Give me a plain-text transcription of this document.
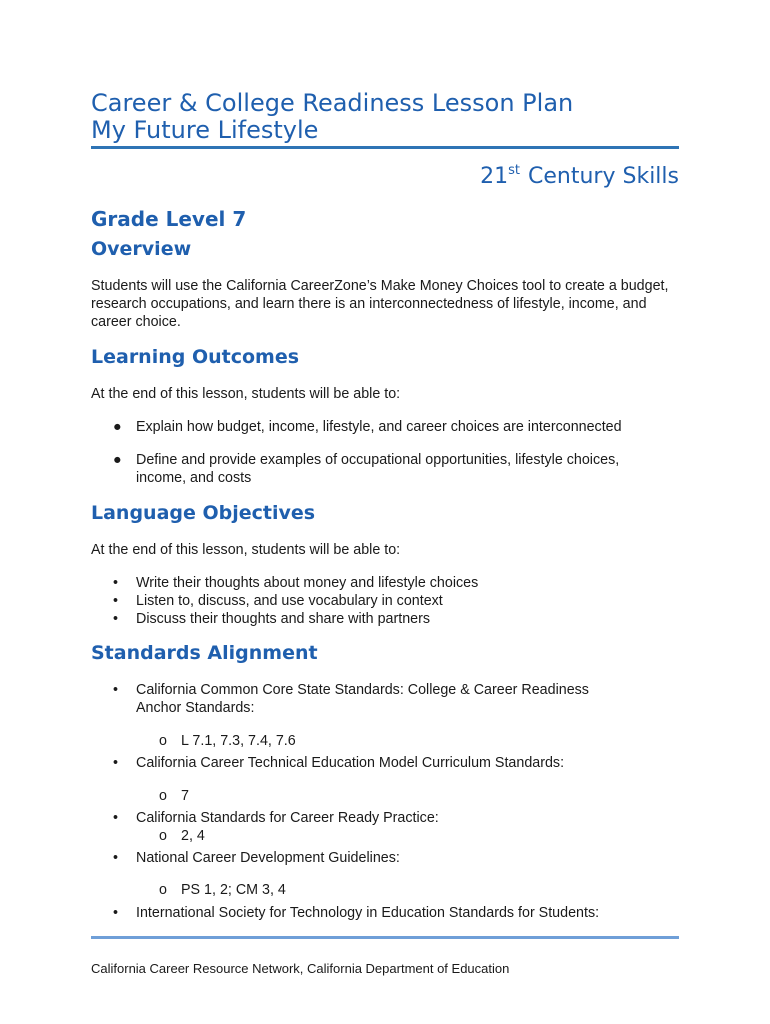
Career & College Readiness Lesson Plan
My Future Lifestyle
21st Century Skills
Grade Level 7
Overview

Students will use the California CareerZone’s Make Money Choices tool to create a budget, research occupations, and learn there is an interconnectedness of lifestyle, income, and career choice.

Learning Outcomes

At the end of this lesson, students will be able to:

●	Explain how budget, income, lifestyle, and career choices are interconnected
●	Define and provide examples of occupational opportunities, lifestyle choices, income, and costs
Language Objectives

At the end of this lesson, students will be able to:

•	Write their thoughts about money and lifestyle choices
•	Listen to, discuss, and use vocabulary in context
•	Discuss their thoughts and share with partners
Standards Alignment
•	California Common Core State Standards: College & Career Readiness Anchor Standards:
o L 7.1, 7.3, 7.4, 7.6
•	California Career Technical Education Model Curriculum Standards:
o 7
•	California Standards for Career Ready Practice:
o 2, 4
•	National Career Development Guidelines:
o PS 1, 2; CM 3, 4
•	International Society for Technology in Education Standards for Students:
California Career Resource Network, California Department of Education
